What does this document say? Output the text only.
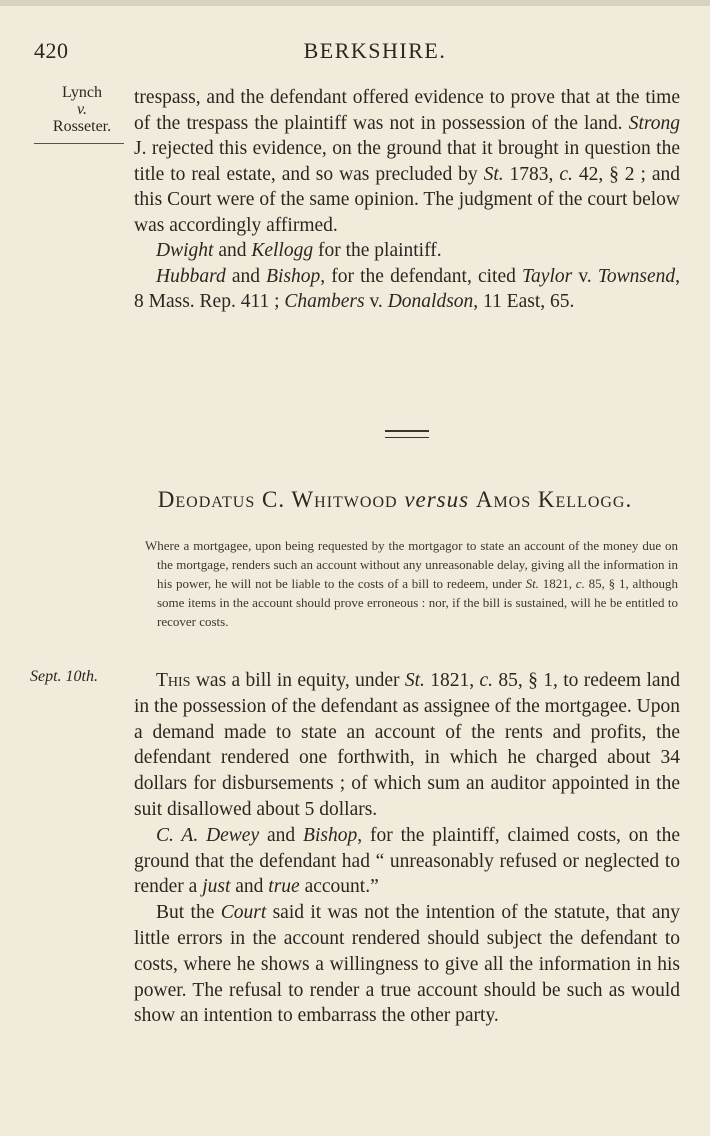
420	BERKSHIRE.
Lynch
v.
Rosseter.

trespass, and the defendant offered evidence to prove that at the time of the trespass the plaintiff was not in possession of the land. Strong J. rejected this evidence, on the ground that it brought in question the title to real estate, and so was precluded by St. 1783, c. 42, § 2 ; and this Court were of the same opinion. The judgment of the court below was accordingly affirmed.

Dwight and Kellogg for the plaintiff.

Hubbard and Bishop, for the defendant, cited Taylor v. Townsend, 8 Mass. Rep. 411 ; Chambers v. Donaldson, 11 East, 65.

Deodatus C. Whitwood versus Amos Kellogg.

Where a mortgagee, upon being requested by the mortgagor to state an account of the money due on the mortgage, renders such an account without any unreasonable delay, giving all the information in his power, he will not be liable to the costs of a bill to redeem, under St. 1821, c. 85, § 1, although some items in the account should prove erroneous : nor, if the bill is sustained, will he be entitled to recover costs.

Sept. 10th.	This was a bill in equity, under St. 1821, c. 85, § 1, to redeem land in the possession of the defendant as assignee of the mortgagee. Upon a demand made to state an account of the rents and profits, the defendant rendered one forthwith, in which he charged about 34 dollars for disbursements ; of which sum an auditor appointed in the suit disallowed about 5 dollars.

C. A. Dewey and Bishop, for the plaintiff, claimed costs, on the ground that the defendant had “ unreasonably refused or neglected to render a just and true account.”

But the Court said it was not the intention of the statute, that any little errors in the account rendered should subject the defendant to costs, where he shows a willingness to give all the information in his power. The refusal to render a true account should be such as would show an intention to embarrass the other party.
